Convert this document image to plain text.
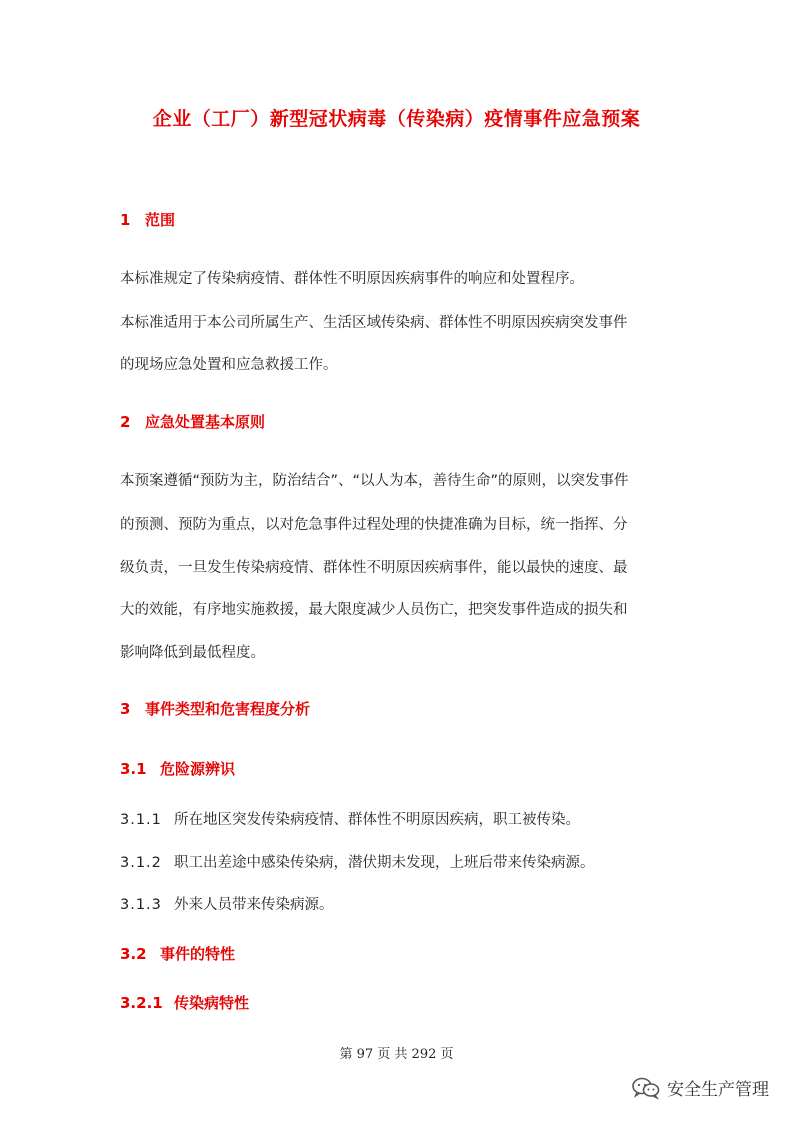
企业（工厂）新型冠状病毒（传染病）疫情事件应急预案
1 范围
本标准规定了传染病疫情、群体性不明原因疾病事件的响应和处置程序。
本标准适用于本公司所属生产、生活区域传染病、群体性不明原因疾病突发事件
的现场应急处置和应急救援工作。
2 应急处置基本原则
本预案遵循“预防为主，防治结合”、“以人为本，善待生命”的原则，以突发事件
的预测、预防为重点，以对危急事件过程处理的快捷准确为目标，统一指挥、分
级负责，一旦发生传染病疫情、群体性不明原因疾病事件，能以最快的速度、最
大的效能，有序地实施救援，最大限度减少人员伤亡，把突发事件造成的损失和
影响降低到最低程度。
3 事件类型和危害程度分析
3.1 危险源辨识
3.1.1 所在地区突发传染病疫情、群体性不明原因疾病，职工被传染。
3.1.2 职工出差途中感染传染病，潜伏期未发现，上班后带来传染病源。
3.1.3 外来人员带来传染病源。
3.2 事件的特性
3.2.1 传染病特性
第 97 页 共 292 页
安全生产管理
